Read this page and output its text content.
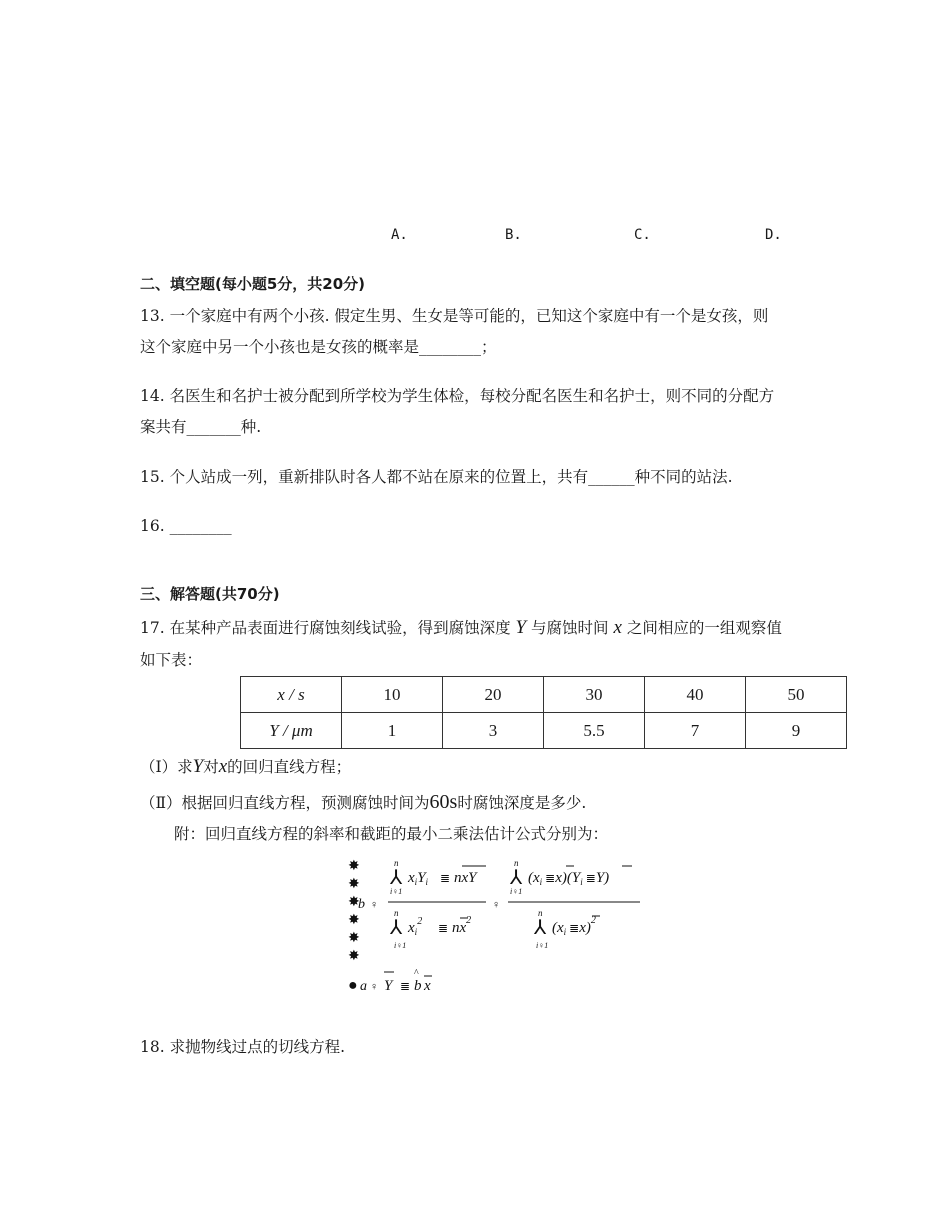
A.	B.	C.	D.
二、填空题(每小题5分，共20分)
13. 一个家庭中有两个小孩. 假定生男、生女是等可能的，已知这个家庭中有一个是女孩，则
这个家庭中另一个小孩也是女孩的概率是________；
14. 名医生和名护士被分配到所学校为学生体检，每校分配名医生和名护士，则不同的分配方
案共有_______种.
15. 个人站成一列，重新排队时各人都不站在原来的位置上，共有______种不同的站法.
16. ________
三、解答题(共70分)
17. 在某种产品表面进行腐蚀刻线试验，得到腐蚀深度 Y 与腐蚀时间 x 之间相应的一组观察值
如下表：
x / s	10	20	30	40	50
Y / μm	1	3	5.5	7	9
（Ⅰ）求Y对x的回归直线方程；
（Ⅱ）根据回归直线方程，预测腐蚀时间为60s时腐蚀深度是多少.
附：回归直线方程的斜率和截距的最小二乘法估计公式分别为：
✸
✸
✸
✸
✸
✸
●
b ♀
a ♀
n
⅄ $x_iY_i$ ≣ nxY
i♀1
n
⅄ $x_i^2$ ≣ $nx^2$
i♀1
♀
n
⅄ ($x_i$ $^≣x)(Y_i$ ≣Y)
i♀1
n
⅄ ($x_i$ ≣x)$^2$
i♀1
Y ≣ b
^
x
18. 求抛物线过点的切线方程.
